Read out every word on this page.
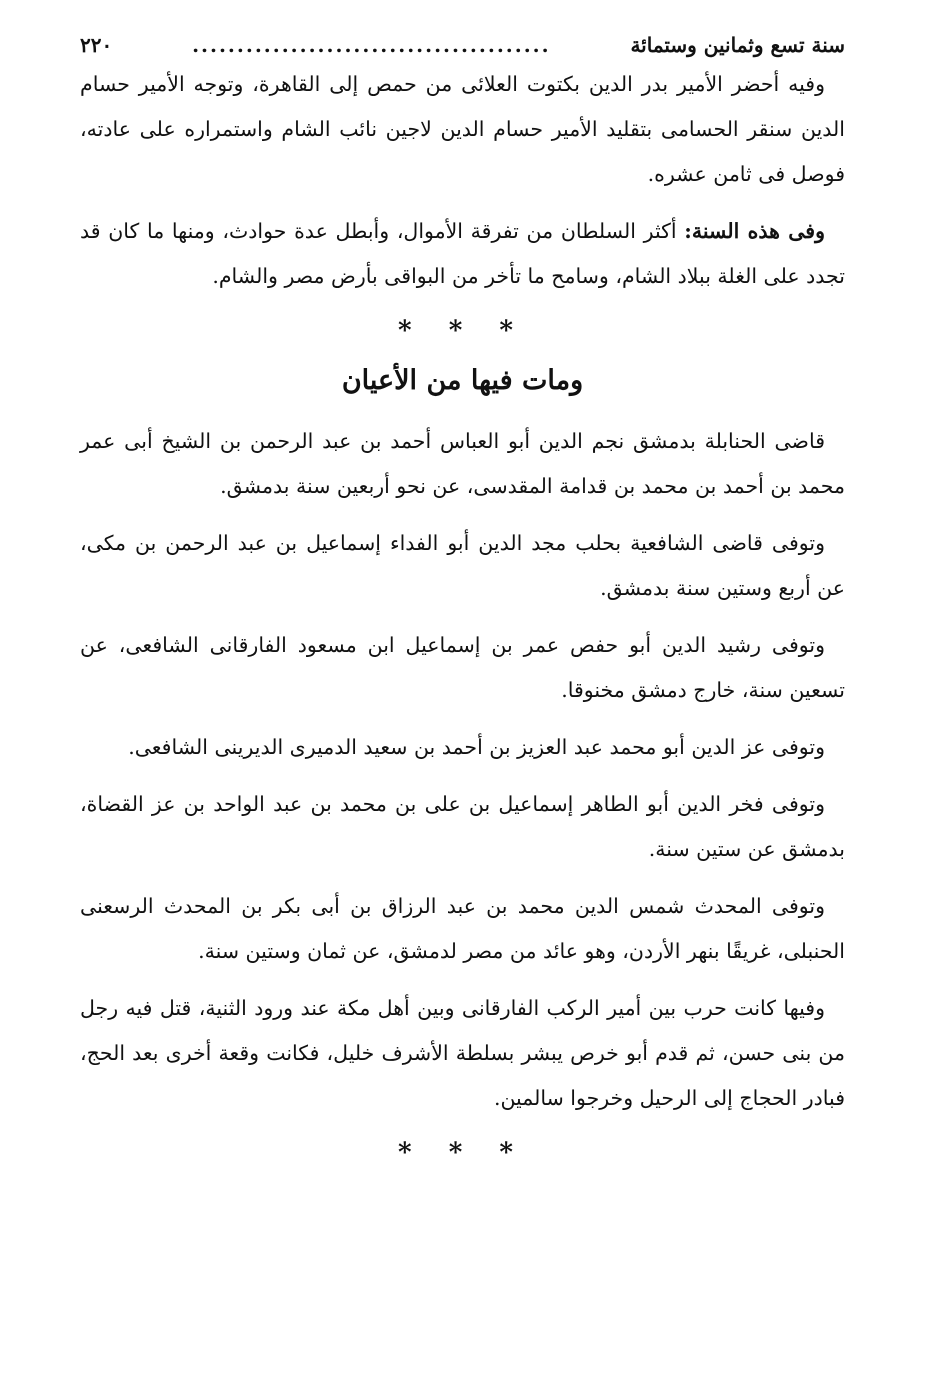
سنة تسع وثمانين وستمائة
........................................
٢٢٠

وفيه أحضر الأمير بدر الدين بكتوت العلائى من حمص إلى القاهرة، وتوجه الأمير حسام الدين سنقر الحسامى بتقليد الأمير حسام الدين لاجين نائب الشام واستمراره على عادته، فوصل فى ثامن عشره.

وفى هذه السنة: أكثر السلطان من تفرقة الأموال، وأبطل عدة حوادث، ومنها ما كان قد تجدد على الغلة ببلاد الشام، وسامح ما تأخر من البواقى بأرض مصر والشام.

* * *
ومات فيها من الأعيان

قاضى الحنابلة بدمشق نجم الدين أبو العباس أحمد بن عبد الرحمن بن الشيخ أبى عمر محمد بن أحمد بن محمد بن قدامة المقدسى، عن نحو أربعين سنة بدمشق.

وتوفى قاضى الشافعية بحلب مجد الدين أبو الفداء إسماعيل بن عبد الرحمن بن مكى، عن أربع وستين سنة بدمشق.

وتوفى رشيد الدين أبو حفص عمر بن إسماعيل ابن مسعود الفارقانى الشافعى، عن تسعين سنة، خارج دمشق مخنوقا.

وتوفى عز الدين أبو محمد عبد العزيز بن أحمد بن سعيد الدميرى الديرينى الشافعى.

وتوفى فخر الدين أبو الطاهر إسماعيل بن على بن محمد بن عبد الواحد بن عز القضاة، بدمشق عن ستين سنة.

وتوفى المحدث شمس الدين محمد بن عبد الرزاق بن أبى بكر بن المحدث الرسعنى الحنبلى، غريقًا بنهر الأردن، وهو عائد من مصر لدمشق، عن ثمان وستين سنة.

وفيها كانت حرب بين أمير الركب الفارقانى وبين أهل مكة عند ورود الثنية، قتل فيه رجل من بنى حسن، ثم قدم أبو خرص يبشر بسلطة الأشرف خليل، فكانت وقعة أخرى بعد الحج، فبادر الحجاج إلى الرحيل وخرجوا سالمين.

* * *
